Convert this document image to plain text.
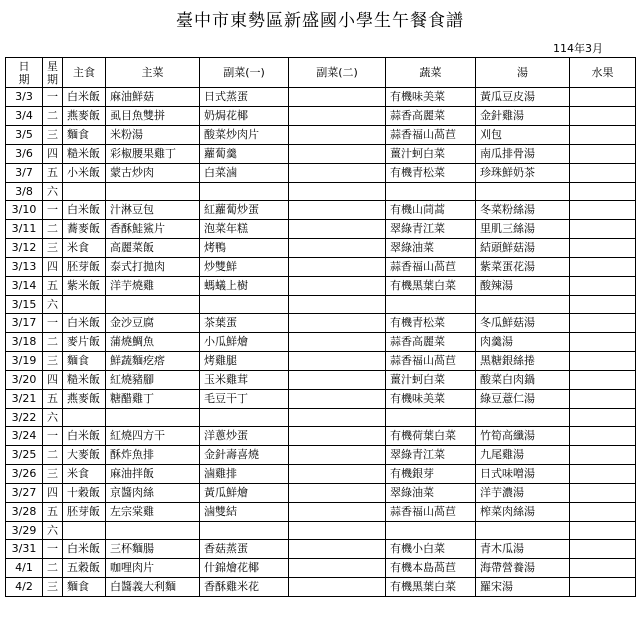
臺中市東勢區新盛國小學生午餐食譜
114年3月
日期	星期	主食	主菜	副菜(一)	副菜(二)	蔬菜	湯	水果
3/3	一	白米飯	麻油鮮菇	日式蒸蛋		有機味美菜	黃瓜豆皮湯	
3/4	二	燕麥飯	虱目魚雙拼	奶焗花椰		蒜香高麗菜	金針雞湯	
3/5	三	麵食	米粉湯	酸菜炒肉片		蒜香福山萵苣	刈包	
3/6	四	糙米飯	彩椒腰果雞丁	蘿蔔羹		薑汁蚵白菜	南瓜排骨湯	
3/7	五	小米飯	蒙古炒肉	白菜滷		有機青松菜	珍珠鮮奶茶	
3/8	六							
3/10	一	白米飯	汁淋豆包	紅蘿蔔炒蛋		有機山茼蒿	冬菜粉絲湯	
3/11	二	蕎麥飯	香酥鮭鯊片	泡菜年糕		翠綠青江菜	里肌三絲湯	
3/12	三	米食	高麗菜飯	烤鴨		翠綠油菜	結頭鮮菇湯	
3/13	四	胚芽飯	泰式打拋肉	炒雙鮮		蒜香福山萵苣	紫菜蛋花湯	
3/14	五	紫米飯	洋芋燒雞	螞蟻上樹		有機黑葉白菜	酸辣湯	
3/15	六							
3/17	一	白米飯	金沙豆腐	茶葉蛋		有機青松菜	冬瓜鮮菇湯	
3/18	二	麥片飯	蒲燒鯛魚	小瓜鮮燴		蒜香高麗菜	肉羹湯	
3/19	三	麵食	鮮蔬麵疙瘩	烤雞腿		蒜香福山萵苣	黑糖銀絲捲	
3/20	四	糙米飯	紅燒豬腳	玉米雞茸		薑汁蚵白菜	酸菜白肉鍋	
3/21	五	燕麥飯	糖醋雞丁	毛豆干丁		有機味美菜	綠豆薏仁湯	
3/22	六							
3/24	一	白米飯	紅燒四方干	洋蔥炒蛋		有機荷葉白菜	竹筍高纖湯	
3/25	二	大麥飯	酥炸魚排	金針壽喜燒		翠綠青江菜	九尾雞湯	
3/26	三	米食	麻油拌飯	滷雞排		有機銀芽	日式味噌湯	
3/27	四	十穀飯	京醬肉絲	黃瓜鮮燴		翠綠油菜	洋芋濃湯	
3/28	五	胚芽飯	左宗棠雞	滷雙結		蒜香福山萵苣	榨菜肉絲湯	
3/29	六							
3/31	一	白米飯	三杯麵腸	香菇蒸蛋		有機小白菜	青木瓜湯	
4/1	二	五穀飯	咖哩肉片	什錦燴花椰		有機本島萵苣	海帶營養湯	
4/2	三	麵食	白醬義大利麵	香酥雞米花		有機黑葉白菜	羅宋湯	
